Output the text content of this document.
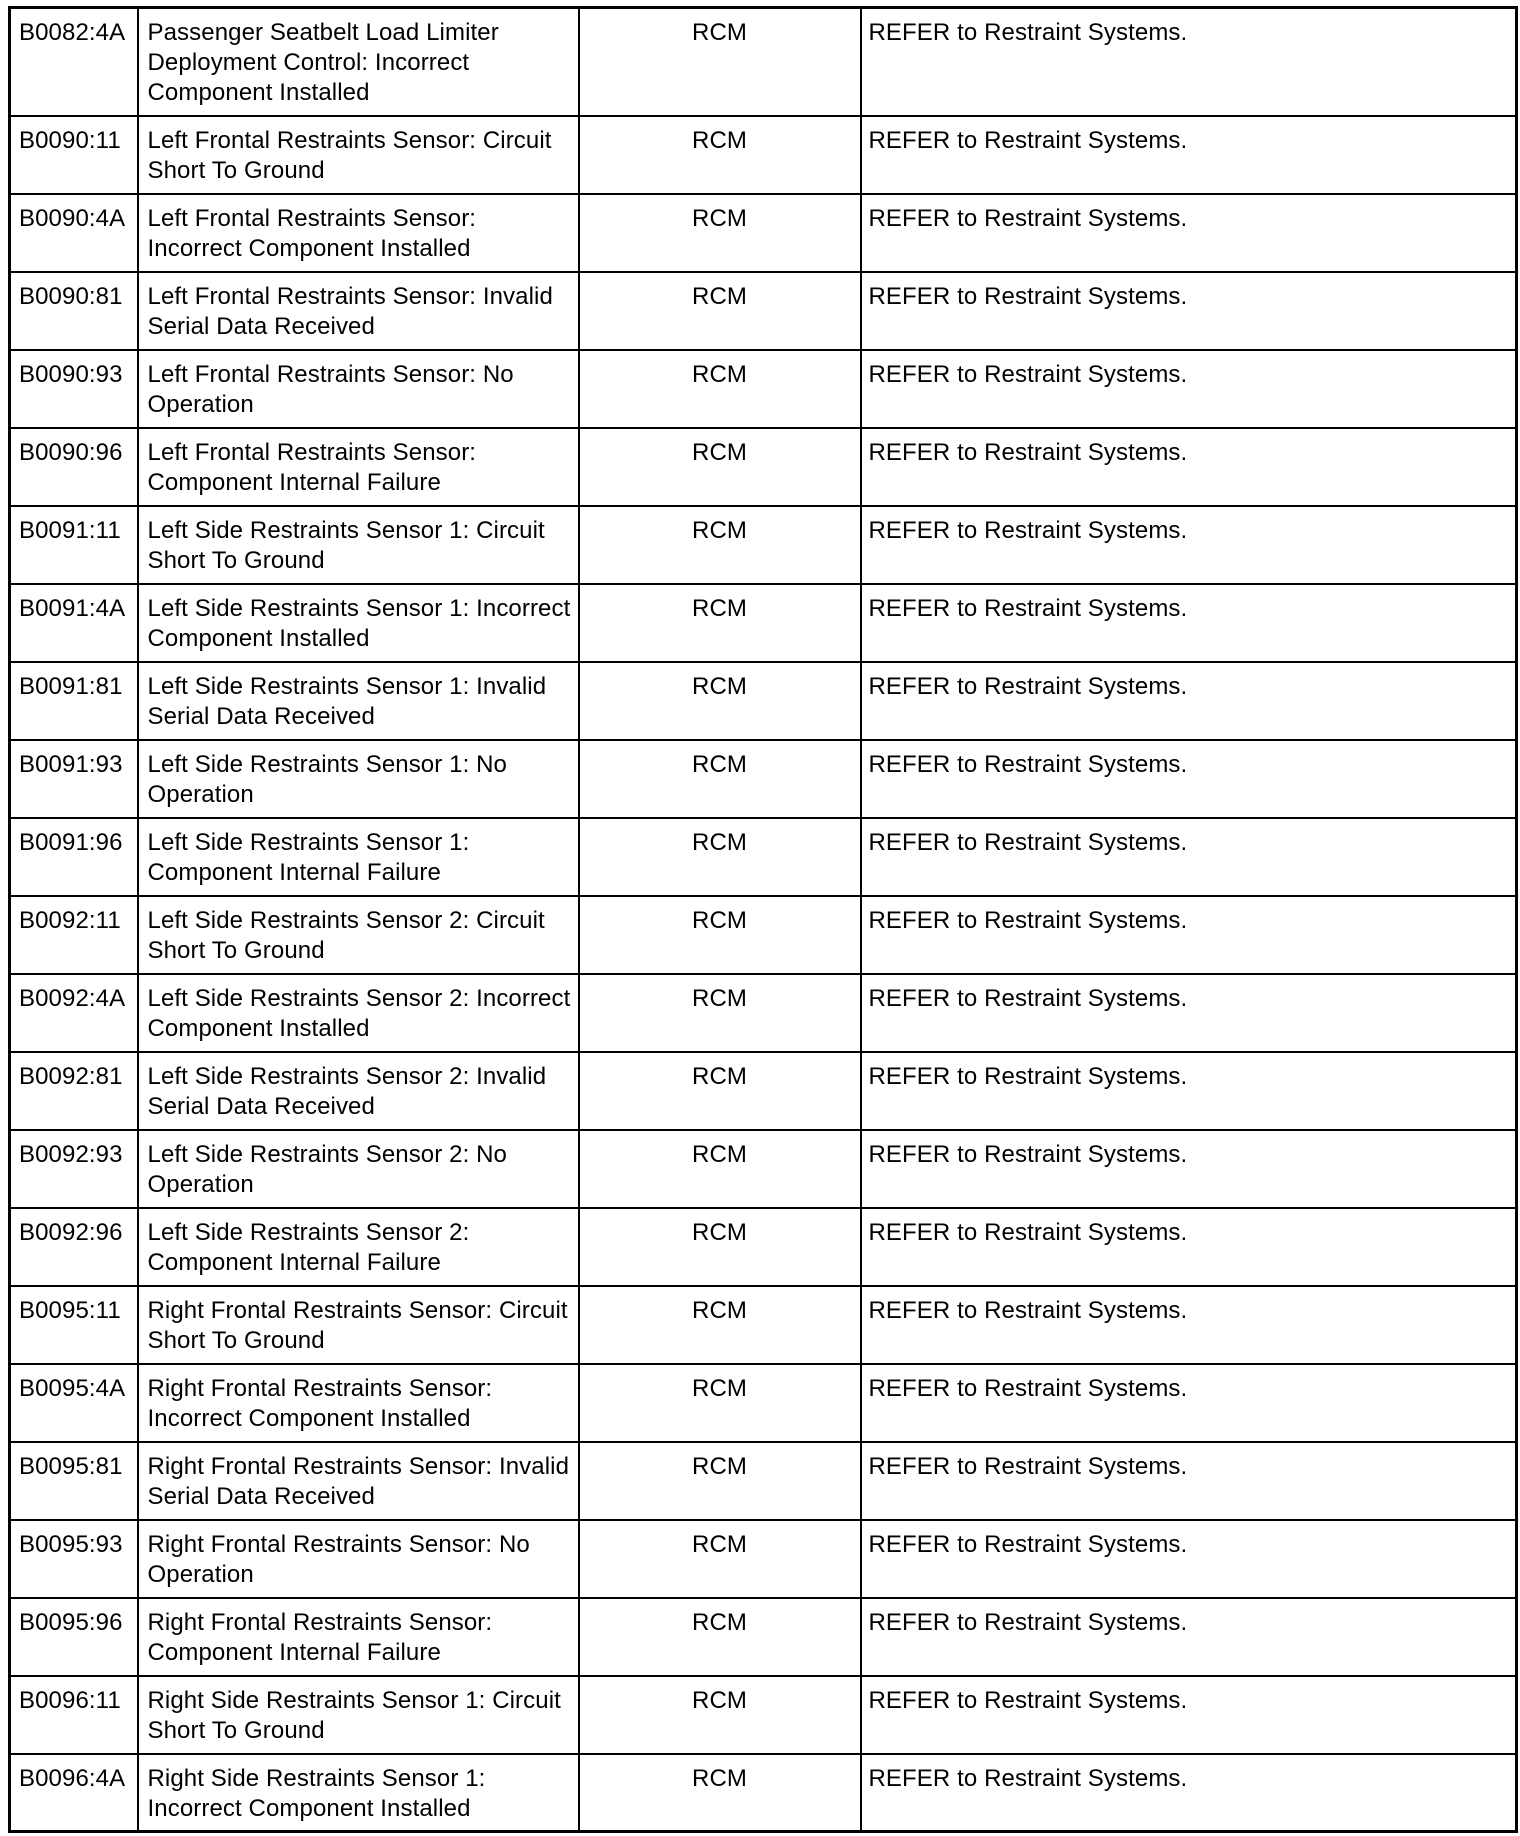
B0082:4A	Passenger Seatbelt Load Limiter Deployment Control: Incorrect Component Installed	RCM	REFER to Restraint Systems.
B0090:11	Left Frontal Restraints Sensor: Circuit Short To Ground	RCM	REFER to Restraint Systems.
B0090:4A	Left Frontal Restraints Sensor: Incorrect Component Installed	RCM	REFER to Restraint Systems.
B0090:81	Left Frontal Restraints Sensor: Invalid Serial Data Received	RCM	REFER to Restraint Systems.
B0090:93	Left Frontal Restraints Sensor: No Operation	RCM	REFER to Restraint Systems.
B0090:96	Left Frontal Restraints Sensor: Component Internal Failure	RCM	REFER to Restraint Systems.
B0091:11	Left Side Restraints Sensor 1: Circuit Short To Ground	RCM	REFER to Restraint Systems.
B0091:4A	Left Side Restraints Sensor 1: Incorrect Component Installed	RCM	REFER to Restraint Systems.
B0091:81	Left Side Restraints Sensor 1: Invalid Serial Data Received	RCM	REFER to Restraint Systems.
B0091:93	Left Side Restraints Sensor 1: No Operation	RCM	REFER to Restraint Systems.
B0091:96	Left Side Restraints Sensor 1: Component Internal Failure	RCM	REFER to Restraint Systems.
B0092:11	Left Side Restraints Sensor 2: Circuit Short To Ground	RCM	REFER to Restraint Systems.
B0092:4A	Left Side Restraints Sensor 2: Incorrect Component Installed	RCM	REFER to Restraint Systems.
B0092:81	Left Side Restraints Sensor 2: Invalid Serial Data Received	RCM	REFER to Restraint Systems.
B0092:93	Left Side Restraints Sensor 2: No Operation	RCM	REFER to Restraint Systems.
B0092:96	Left Side Restraints Sensor 2: Component Internal Failure	RCM	REFER to Restraint Systems.
B0095:11	Right Frontal Restraints Sensor: Circuit Short To Ground	RCM	REFER to Restraint Systems.
B0095:4A	Right Frontal Restraints Sensor: Incorrect Component Installed	RCM	REFER to Restraint Systems.
B0095:81	Right Frontal Restraints Sensor: Invalid Serial Data Received	RCM	REFER to Restraint Systems.
B0095:93	Right Frontal Restraints Sensor: No Operation	RCM	REFER to Restraint Systems.
B0095:96	Right Frontal Restraints Sensor: Component Internal Failure	RCM	REFER to Restraint Systems.
B0096:11	Right Side Restraints Sensor 1: Circuit Short To Ground	RCM	REFER to Restraint Systems.
B0096:4A	Right Side Restraints Sensor 1: Incorrect Component Installed	RCM	REFER to Restraint Systems.
